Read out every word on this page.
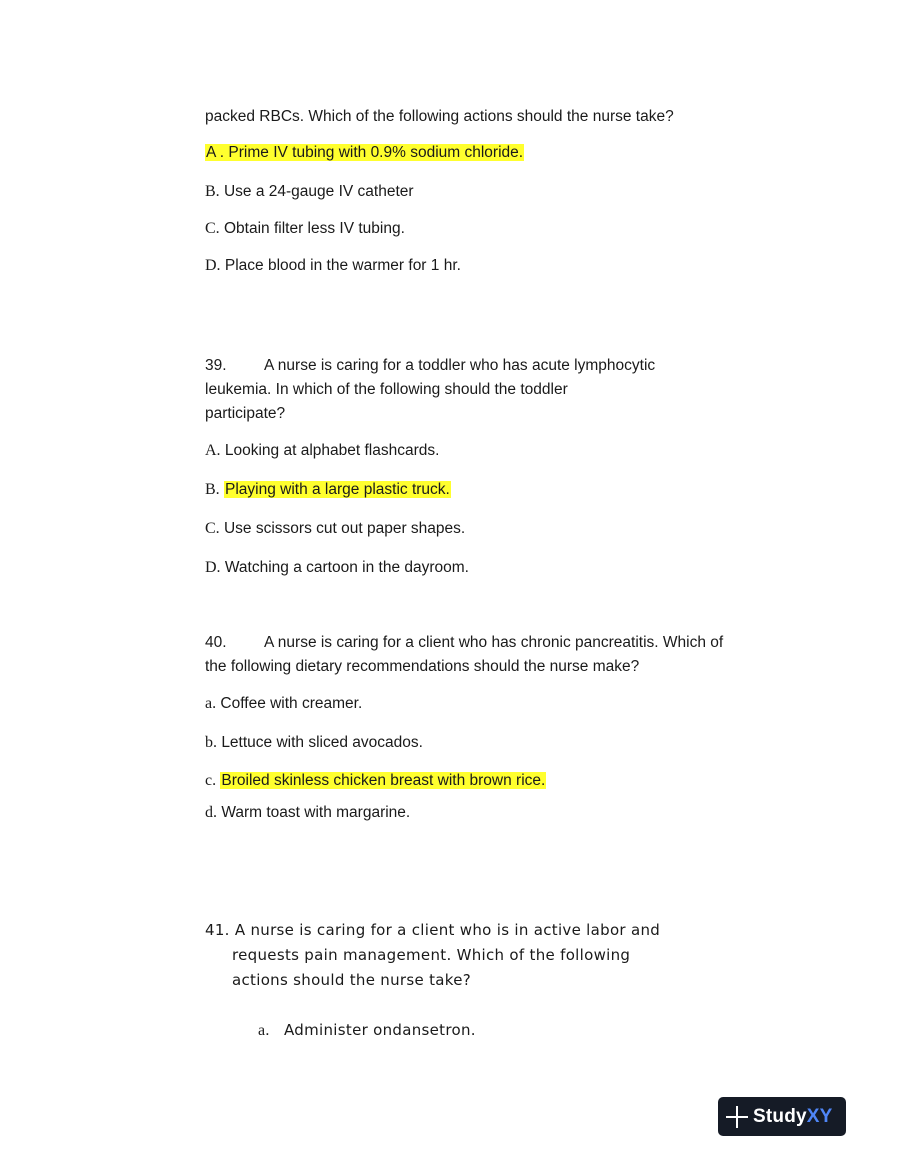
packed RBCs. Which of the following actions should the nurse take?
A . Prime IV tubing with 0.9% sodium chloride.
B. Use a 24-gauge IV catheter
C. Obtain filter less IV tubing.
D. Place blood in the warmer for 1 hr.
39. A nurse is caring for a toddler who has acute lymphocytic
leukemia. In which of the following should the toddler
participate?
A. Looking at alphabet flashcards.
B. Playing with a large plastic truck.
C. Use scissors cut out paper shapes.
D. Watching a cartoon in the dayroom.
40. A nurse is caring for a client who has chronic pancreatitis. Which of
the following dietary recommendations should the nurse make?
a. Coffee with creamer.
b. Lettuce with sliced avocados.
c. Broiled skinless chicken breast with brown rice.
d. Warm toast with margarine.
41. A nurse is caring for a client who is in active labor and
requests pain management. Which of the following
actions should the nurse take?
a. Administer ondansetron.
StudyXY
